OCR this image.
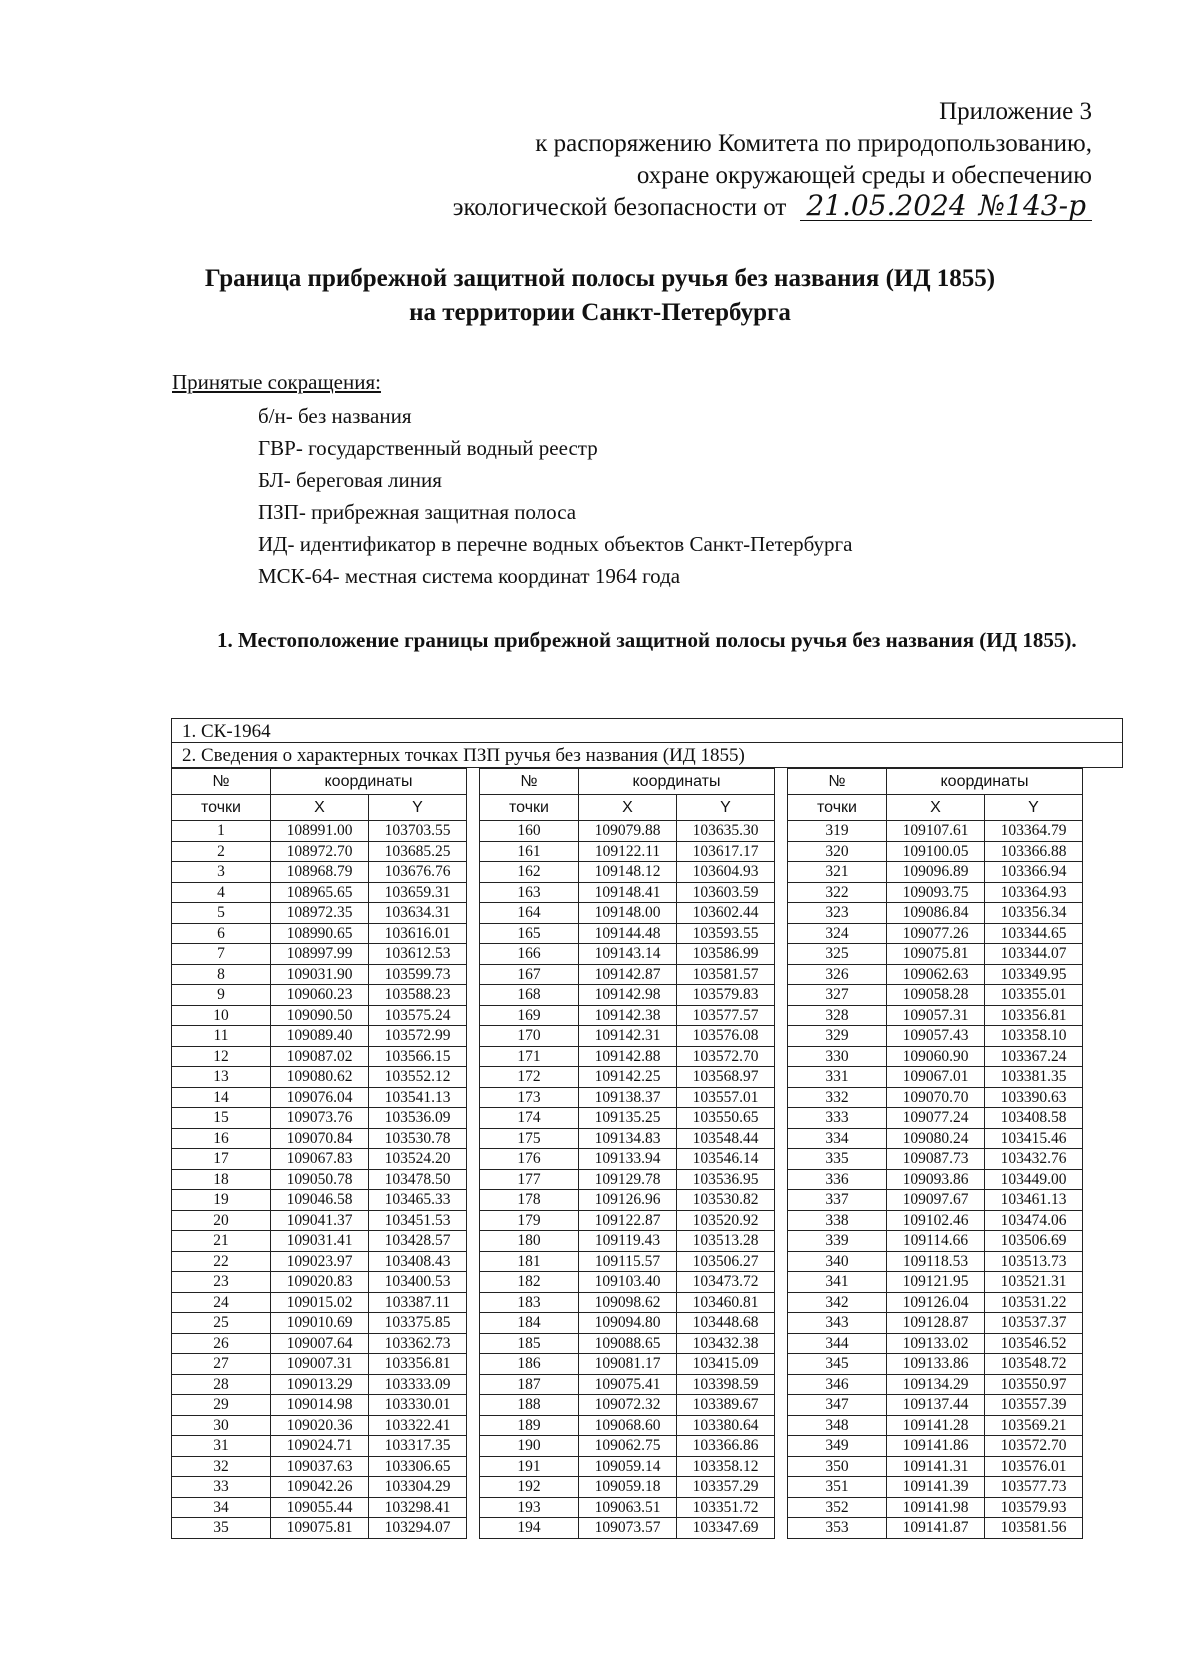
Приложение 3
к распоряжению Комитета по природопользованию,
охране окружающей среды и обеспечению
экологической безопасности от 21.05.2024 №143-р
Граница прибрежной защитной полосы ручья без названия (ИД 1855)
на территории Санкт-Петербурга
Принятые сокращения:
б/н- без названия
ГВР- государственный водный реестр
БЛ- береговая линия
ПЗП- прибрежная защитная полоса
ИД- идентификатор в перечне водных объектов Санкт-Петербурга
МСК-64- местная система координат 1964 года
1. Местоположение границы прибрежной защитной полосы ручья без названия (ИД 1855).
1. СК-1964
2. Сведения о характерных точках ПЗП ручья без названия (ИД 1855)
№	координаты	
точки	X	Y
1	108991.00	103703.55
2	108972.70	103685.25
3	108968.79	103676.76
4	108965.65	103659.31
5	108972.35	103634.31
6	108990.65	103616.01
7	108997.99	103612.53
8	109031.90	103599.73
9	109060.23	103588.23
10	109090.50	103575.24
11	109089.40	103572.99
12	109087.02	103566.15
13	109080.62	103552.12
14	109076.04	103541.13
15	109073.76	103536.09
16	109070.84	103530.78
17	109067.83	103524.20
18	109050.78	103478.50
19	109046.58	103465.33
20	109041.37	103451.53
21	109031.41	103428.57
22	109023.97	103408.43
23	109020.83	103400.53
24	109015.02	103387.11
25	109010.69	103375.85
26	109007.64	103362.73
27	109007.31	103356.81
28	109013.29	103333.09
29	109014.98	103330.01
30	109020.36	103322.41
31	109024.71	103317.35
32	109037.63	103306.65
33	109042.26	103304.29
34	109055.44	103298.41
35	109075.81	103294.07
№	координаты	
точки	X	Y
160	109079.88	103635.30
161	109122.11	103617.17
162	109148.12	103604.93
163	109148.41	103603.59
164	109148.00	103602.44
165	109144.48	103593.55
166	109143.14	103586.99
167	109142.87	103581.57
168	109142.98	103579.83
169	109142.38	103577.57
170	109142.31	103576.08
171	109142.88	103572.70
172	109142.25	103568.97
173	109138.37	103557.01
174	109135.25	103550.65
175	109134.83	103548.44
176	109133.94	103546.14
177	109129.78	103536.95
178	109126.96	103530.82
179	109122.87	103520.92
180	109119.43	103513.28
181	109115.57	103506.27
182	109103.40	103473.72
183	109098.62	103460.81
184	109094.80	103448.68
185	109088.65	103432.38
186	109081.17	103415.09
187	109075.41	103398.59
188	109072.32	103389.67
189	109068.60	103380.64
190	109062.75	103366.86
191	109059.14	103358.12
192	109059.18	103357.29
193	109063.51	103351.72
194	109073.57	103347.69
№	координаты	
точки	X	Y
319	109107.61	103364.79
320	109100.05	103366.88
321	109096.89	103366.94
322	109093.75	103364.93
323	109086.84	103356.34
324	109077.26	103344.65
325	109075.81	103344.07
326	109062.63	103349.95
327	109058.28	103355.01
328	109057.31	103356.81
329	109057.43	103358.10
330	109060.90	103367.24
331	109067.01	103381.35
332	109070.70	103390.63
333	109077.24	103408.58
334	109080.24	103415.46
335	109087.73	103432.76
336	109093.86	103449.00
337	109097.67	103461.13
338	109102.46	103474.06
339	109114.66	103506.69
340	109118.53	103513.73
341	109121.95	103521.31
342	109126.04	103531.22
343	109128.87	103537.37
344	109133.02	103546.52
345	109133.86	103548.72
346	109134.29	103550.97
347	109137.44	103557.39
348	109141.28	103569.21
349	109141.86	103572.70
350	109141.31	103576.01
351	109141.39	103577.73
352	109141.98	103579.93
353	109141.87	103581.56
